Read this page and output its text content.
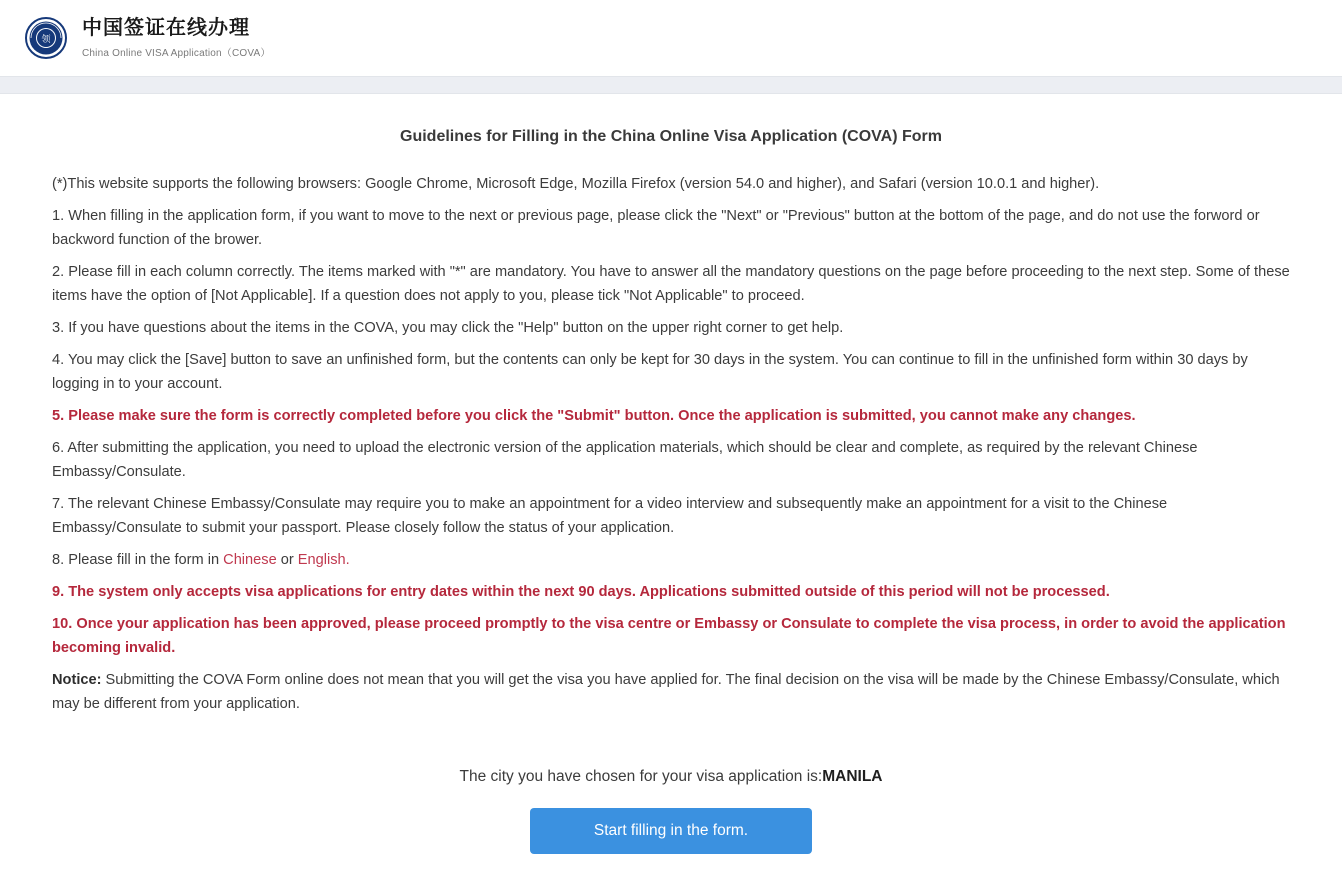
领
中国签证在线办理
China Online VISA Application（COVA）
Guidelines for Filling in the China Online Visa Application (COVA) Form

(*)This website supports the following browsers: Google Chrome, Microsoft Edge, Mozilla Firefox (version 54.0 and higher), and Safari (version 10.0.1 and higher).

1. When filling in the application form, if you want to move to the next or previous page, please click the "Next" or "Previous" button at the bottom of the page, and do not use the forword or backword function of the brower.

2. Please fill in each column correctly. The items marked with "*" are mandatory. You have to answer all the mandatory questions on the page before proceeding to the next step. Some of these items have the option of [Not Applicable]. If a question does not apply to you, please tick "Not Applicable" to proceed.

3. If you have questions about the items in the COVA, you may click the "Help" button on the upper right corner to get help.

4. You may click the [Save] button to save an unfinished form, but the contents can only be kept for 30 days in the system. You can continue to fill in the unfinished form within 30 days by logging in to your account.

5. Please make sure the form is correctly completed before you click the "Submit" button. Once the application is submitted, you cannot make any changes.

6. After submitting the application, you need to upload the electronic version of the application materials, which should be clear and complete, as required by the relevant Chinese Embassy/Consulate.

7. The relevant Chinese Embassy/Consulate may require you to make an appointment for a video interview and subsequently make an appointment for a visit to the Chinese Embassy/Consulate to submit your passport. Please closely follow the status of your application.

8. Please fill in the form in Chinese or English.

9. The system only accepts visa applications for entry dates within the next 90 days. Applications submitted outside of this period will not be processed.

10. Once your application has been approved, please proceed promptly to the visa centre or Embassy or Consulate to complete the visa process, in order to avoid the application becoming invalid.

Notice: Submitting the COVA Form online does not mean that you will get the visa you have applied for. The final decision on the visa will be made by the Chinese Embassy/Consulate, which may be different from your application.

The city you have chosen for your visa application is:MANILA
Start filling in the form.
